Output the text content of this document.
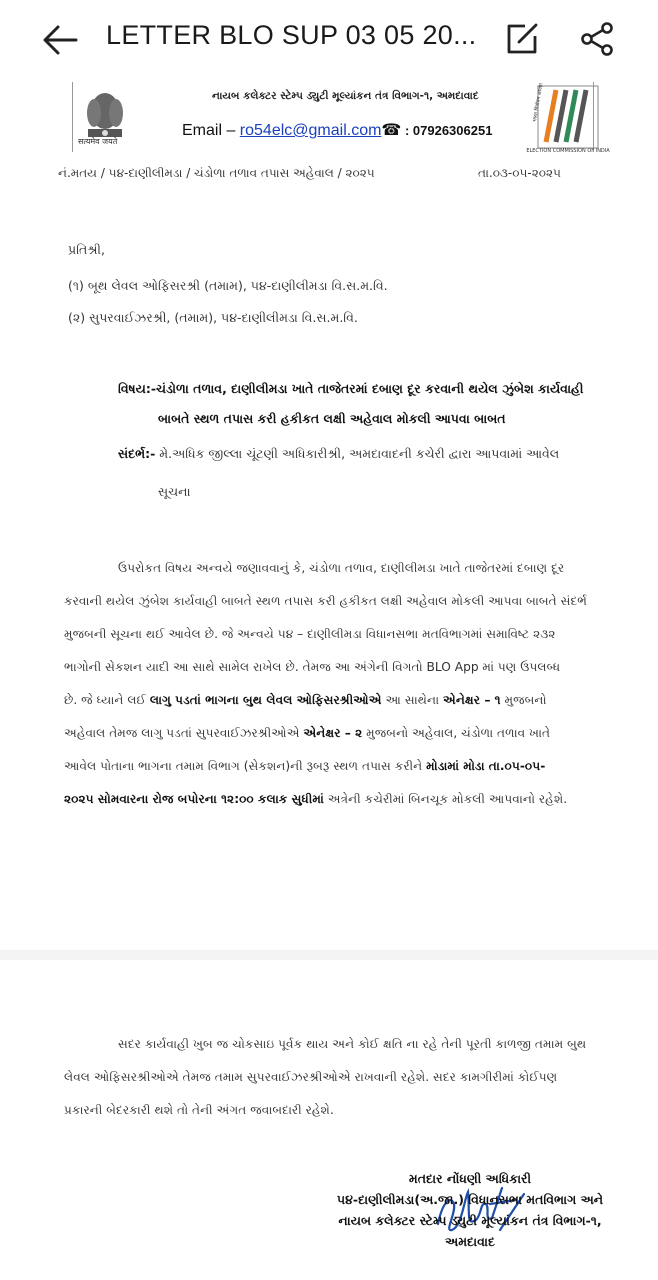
LETTER BLO SUP 03 05 20...
सत्यमेव जयते
નાયબ કલેક્ટર સ્ટેમ્પ ડ્યુટી મૂલ્યાંકન તંત્ર વિભાગ-૧, અમદાવાદ
Email – ro54elc@gmail.com☎ : 07926306251
ELECTION COMMISSION OF INDIA
भारत निर्वाचन आयोग
નં.મતય / ૫૪-દાણીલીમડા / ચંડોળા તળાવ તપાસ અહેવાલ / ૨૦૨૫	તા.૦૩-૦૫-૨૦૨૫
પ્રતિશ્રી,
(૧) બૂથ લેવલ ઓફિસરશ્રી (તમામ), ૫૪-દાણીલીમડા વિ.સ.મ.વિ.
(૨) સુપરવાઈઝરશ્રી, (તમામ), ૫૪-દાણીલીમડા વિ.સ.મ.વિ.
વિષય:-ચંડોળા તળાવ, દાણીલીમડા ખાતે તાજેતરમાં દબાણ દૂર કરવાની થયેલ ઝુંબેશ કાર્યવાહી
બાબતે સ્થળ તપાસ કરી હકીકત લક્ષી અહેવાલ મોકલી આપવા બાબત
સંદર્ભ:- મે.અધિક જીલ્લા ચૂંટણી અધિકારીશ્રી, અમદાવાદની કચેરી દ્વારા આપવામાં આવેલ
સૂચના
ઉપરોકત વિષય અન્વયે જણાવવાનું કે, ચંડોળા તળાવ, દાણીલીમડા ખાતે તાજેતરમાં દબાણ દૂર
કરવાની થયેલ ઝુંબેશ કાર્યવાહી બાબતે સ્થળ તપાસ કરી હકીકત લક્ષી અહેવાલ મોકલી આપવા બાબતે સંદર્ભ
મુજબની સૂચના થઈ આવેલ છે. જે અન્વયે ૫૪ – દાણીલીમડા વિધાનસભા મતવિભાગમાં સમાવિષ્ટ ૨૩૨
ભાગોની સેકશન યાદી આ સાથે સામેલ રાખેલ છે. તેમજ આ અંગેની વિગતો BLO App માં પણ ઉપલબ્ધ
છે. જે ધ્યાને લઈ લાગુ પડતાં ભાગના બુથ લેવલ ઓફિસરશ્રીઓએ આ સાથેના એનેક્ષર – ૧ મુજબનો
અહેવાલ તેમજ લાગુ પડતાં સુપરવાઈઝરશ્રીઓએ એનેક્ષર – ૨ મુજબનો અહેવાલ, ચંડોળા તળાવ ખાતે
આવેલ પોતાના ભાગના તમામ વિભાગ (સેકશન)ની રૂબરૂ સ્થળ તપાસ કરીને મોડામાં મોડા તા.૦૫-૦૫-
૨૦૨૫ સોમવારના રોજ બપોરના ૧૨:૦૦ કલાક સુધીમાં અત્રેની કચેરીમાં બિનચૂક મોકલી આપવાનો રહેશે.
સદર કાર્યવાહી ખુબ જ ચોકસાઇ પૂર્વક થાય અને કોઈ ક્ષતિ ના રહે તેની પૂરતી કાળજી તમામ બુથ
લેવલ ઓફિસરશ્રીઓએ તેમજ તમામ સુપરવાઈઝરશ્રીઓએ રાખવાની રહેશે. સદર કામગીરીમાં કોઈપણ
પ્રકારની બેદરકારી થશે તો તેની અંગત જવાબદારી રહેશે.
મતદાર નોંધણી અધિકારી
૫૪-દાણીલીમડા(અ.જા.) વિધાનસભા મતવિભાગ અને
નાયબ કલેક્ટર સ્ટેમ્પ ડ્યુટી મૂલ્યાંકન તંત્ર વિભાગ-૧,
અમદાવાદ
